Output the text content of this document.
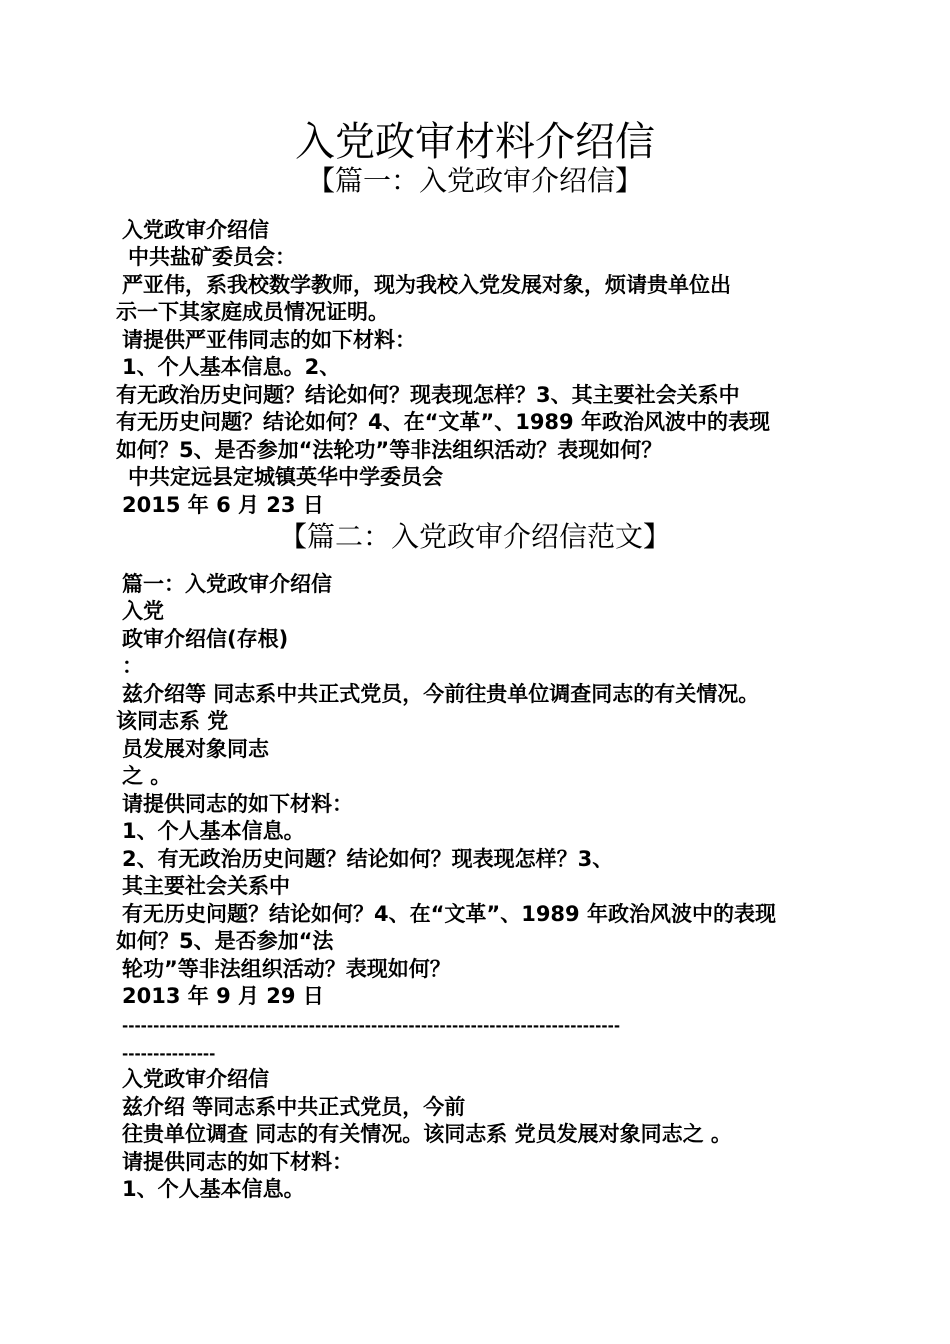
入党政审材料介绍信
【篇一：入党政审介绍信】

入党政审介绍信

中共盐矿委员会：

严亚伟，系我校数学教师，现为我校入党发展对象，烦请贵单位出

示一下其家庭成员情况证明。

请提供严亚伟同志的如下材料：

1、个人基本信息。2、

有无政治历史问题？结论如何？现表现怎样？3、其主要社会关系中

有无历史问题？结论如何？4、在“文革”、1989 年政治风波中的表现

如何？5、是否参加“法轮功”等非法组织活动？表现如何？

中共定远县定城镇英华中学委员会

2015 年 6 月 23 日

【篇二：入党政审介绍信范文】

篇一：入党政审介绍信

入党

政审介绍信(存根)

：

兹介绍等 同志系中共正式党员，今前往贵单位调查同志的有关情况。

该同志系 党

员发展对象同志

之 。

请提供同志的如下材料：

1、个人基本信息。

2、有无政治历史问题？结论如何？现表现怎样？3、

其主要社会关系中

有无历史问题？结论如何？4、在“文革”、1989 年政治风波中的表现

如何？5、是否参加“法

轮功”等非法组织活动？表现如何？

2013 年 9 月 29 日

--------------------------------------------------------------------------------

---------------

入党政审介绍信

兹介绍 等同志系中共正式党员，今前

往贵单位调查 同志的有关情况。该同志系 党员发展对象同志之 。

请提供同志的如下材料：

1、个人基本信息。
